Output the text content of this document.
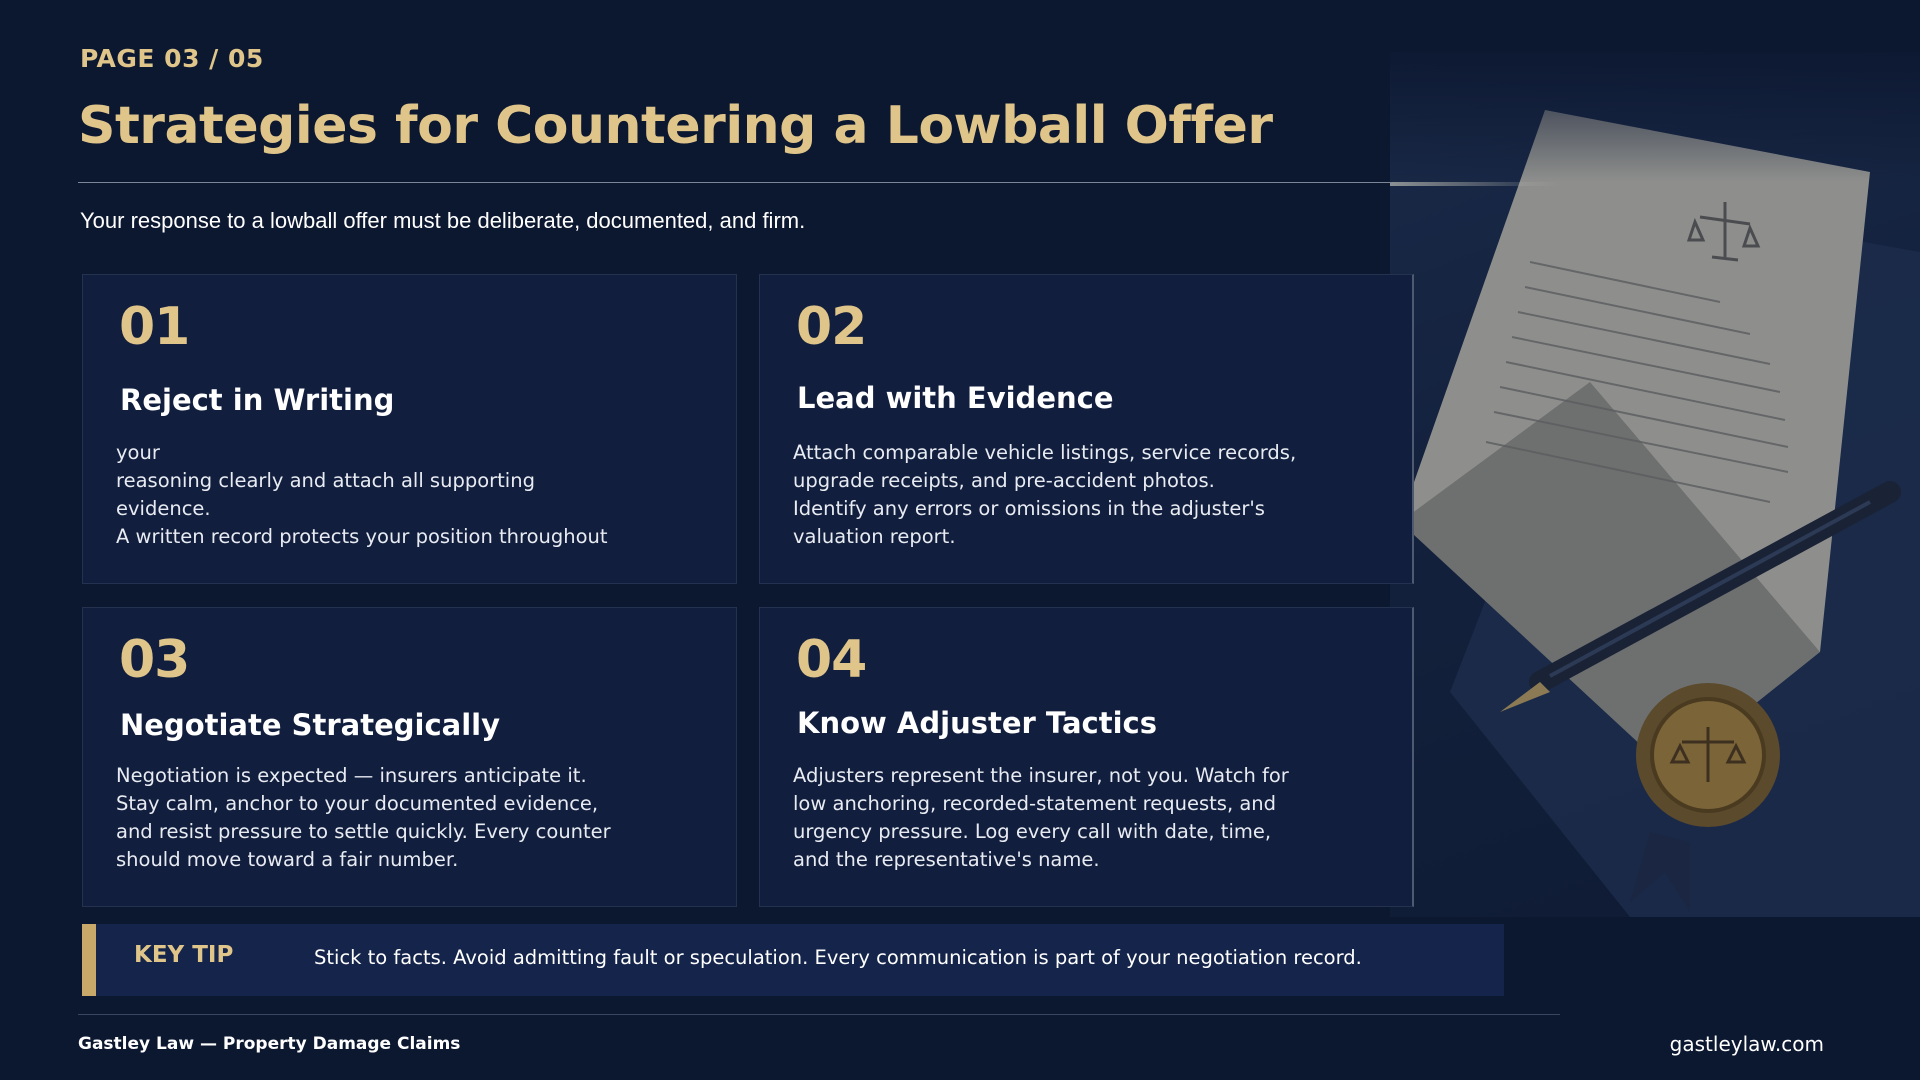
PAGE 03 / 05
Strategies for Countering a Lowball Offer
Your response to a lowball offer must be deliberate, documented, and firm.
01
Reject in Writing
your
reasoning clearly and attach all supporting
evidence.
A written record protects your position throughout
02
Lead with Evidence
Attach comparable vehicle listings, service records,
upgrade receipts, and pre-accident photos.
Identify any errors or omissions in the adjuster's
valuation report.
03
Negotiate Strategically
Negotiation is expected — insurers anticipate it.
Stay calm, anchor to your documented evidence,
and resist pressure to settle quickly. Every counter
should move toward a fair number.
04
Know Adjuster Tactics
Adjusters represent the insurer, not you. Watch for
low anchoring, recorded-statement requests, and
urgency pressure. Log every call with date, time,
and the representative's name.
KEY TIP	Stick to facts. Avoid admitting fault or speculation. Every communication is part of your negotiation record.
Gastley Law — Property Damage Claims	gastleylaw.com
